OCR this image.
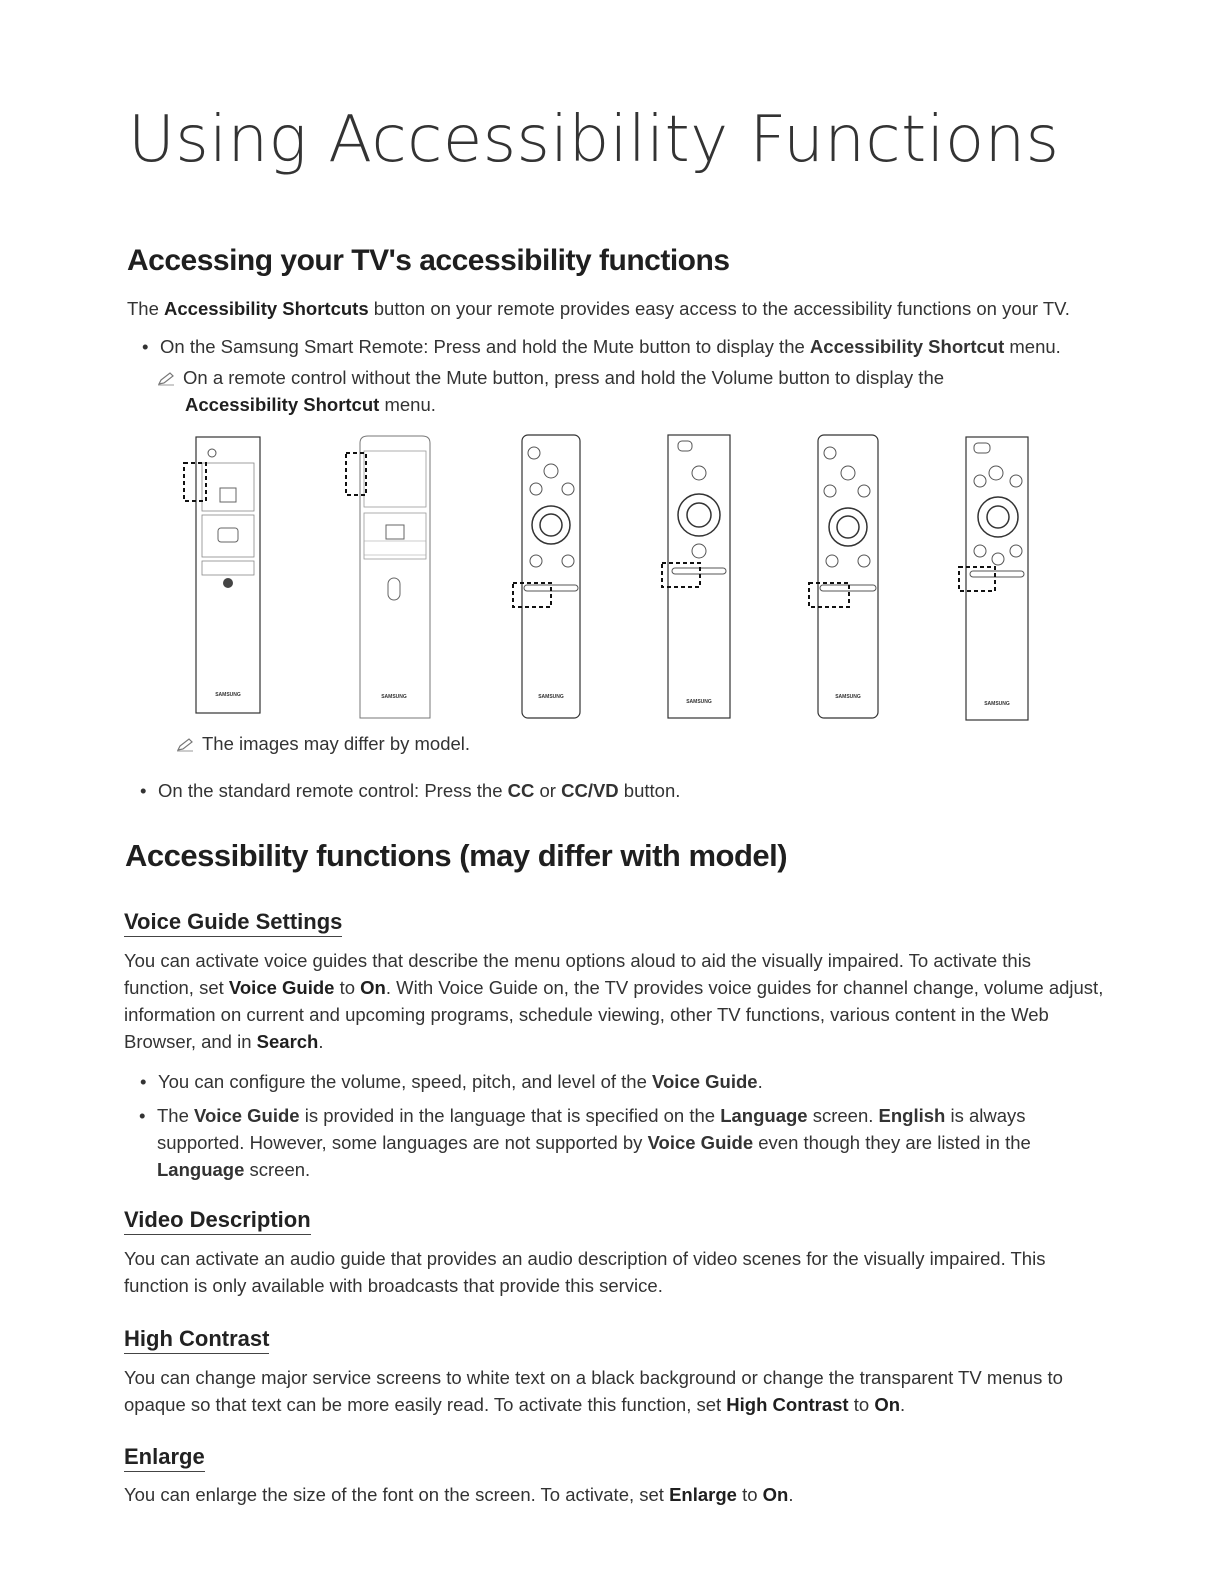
Using Accessibility Functions
Accessing your TV's accessibility functions

The Accessibility Shortcuts button on your remote provides easy access to the accessibility functions on your TV.

• On the Samsung Smart Remote: Press and hold the Mute button to display the Accessibility Shortcut menu.

On a remote control without the Mute button, press and hold the Volume button to display the
Accessibility Shortcut menu.
SAMSUNG	SAMSUNG	SAMSUNG
SAMSUNG
SAMSUNG
SAMSUNG
The images may differ by model.

• On the standard remote control: Press the CC or CC/VD button.

Accessibility functions (may differ with model)
Voice Guide Settings
You can activate voice guides that describe the menu options aloud to aid the visually impaired. To activate this
function, set Voice Guide to On. With Voice Guide on, the TV provides voice guides for channel change, volume adjust,
information on current and upcoming programs, schedule viewing, other TV functions, various content in the Web
Browser, and in Search.

• You can configure the volume, speed, pitch, and level of the Voice Guide.

• The Voice Guide is provided in the language that is specified on the Language screen. English is always
supported. However, some languages are not supported by Voice Guide even though they are listed in the
Language screen.
Video Description
You can activate an audio guide that provides an audio description of video scenes for the visually impaired. This
function is only available with broadcasts that provide this service.
High Contrast
You can change major service screens to white text on a black background or change the transparent TV menus to
opaque so that text can be more easily read. To activate this function, set High Contrast to On.
Enlarge

You can enlarge the size of the font on the screen. To activate, set Enlarge to On.
